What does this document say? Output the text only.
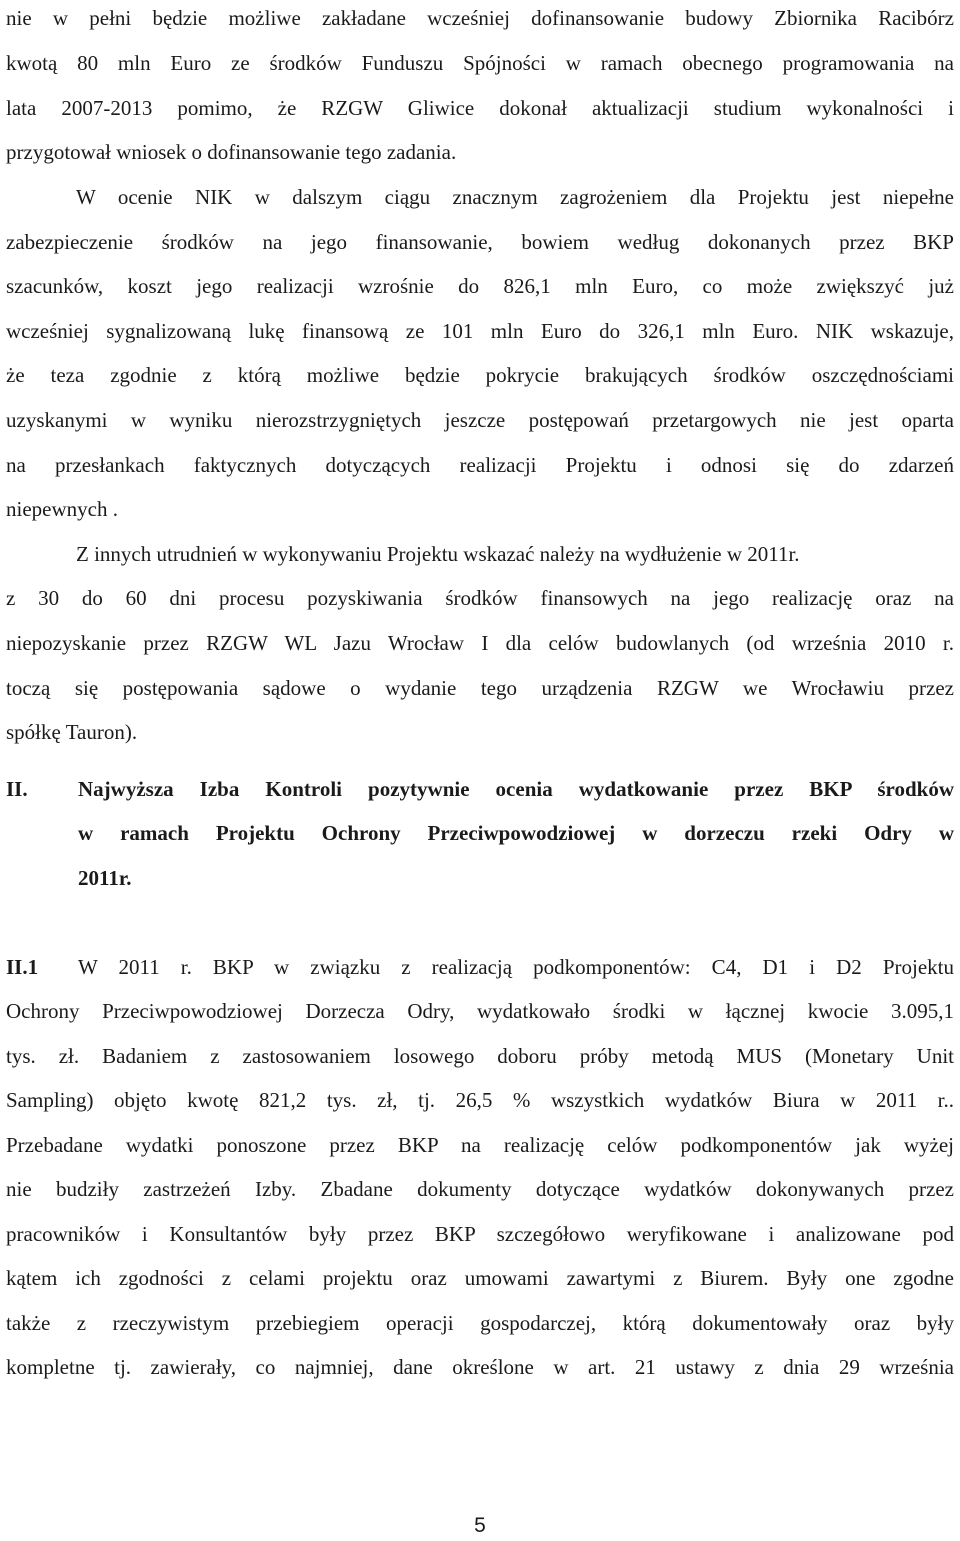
nie w pełni będzie możliwe zakładane wcześniej dofinansowanie budowy Zbiornika Racibórz
kwotą 80 mln Euro ze środków Funduszu Spójności w ramach obecnego programowania na
lata 2007-2013 pomimo, że RZGW Gliwice dokonał aktualizacji studium wykonalności i
przygotował wniosek o dofinansowanie tego zadania.
W ocenie NIK w dalszym ciągu znacznym zagrożeniem dla Projektu jest niepełne
zabezpieczenie środków na jego finansowanie, bowiem według dokonanych przez BKP
szacunków, koszt jego realizacji wzrośnie do 826,1 mln Euro, co może zwiększyć już
wcześniej sygnalizowaną lukę finansową ze 101 mln Euro do 326,1 mln Euro. NIK wskazuje,
że teza zgodnie z którą możliwe będzie pokrycie brakujących środków oszczędnościami
uzyskanymi w wyniku nierozstrzygniętych jeszcze postępowań przetargowych nie jest oparta
na przesłankach faktycznych dotyczących realizacji Projektu i odnosi się do zdarzeń
niepewnych .
Z innych utrudnień w wykonywaniu Projektu wskazać należy na wydłużenie w 2011r.
z 30 do 60 dni procesu pozyskiwania środków finansowych na jego realizację oraz na
niepozyskanie przez RZGW WL Jazu Wrocław I dla celów budowlanych (od września 2010 r.
toczą się postępowania sądowe o wydanie tego urządzenia RZGW we Wrocławiu przez
spółkę Tauron).
II. Najwyższa Izba Kontroli pozytywnie ocenia wydatkowanie przez BKP środków
w ramach Projektu Ochrony Przeciwpowodziowej w dorzeczu rzeki Odry w
2011r.
II.1 W 2011 r. BKP w związku z realizacją podkomponentów: C4, D1 i D2 Projektu
Ochrony Przeciwpowodziowej Dorzecza Odry, wydatkowało środki w łącznej kwocie 3.095,1
tys. zł. Badaniem z zastosowaniem losowego doboru próby metodą MUS (Monetary Unit
Sampling) objęto kwotę 821,2 tys. zł, tj. 26,5 % wszystkich wydatków Biura w 2011 r..
Przebadane wydatki ponoszone przez BKP na realizację celów podkomponentów jak wyżej
nie budziły zastrzeżeń Izby. Zbadane dokumenty dotyczące wydatków dokonywanych przez
pracowników i Konsultantów były przez BKP szczegółowo weryfikowane i analizowane pod
kątem ich zgodności z celami projektu oraz umowami zawartymi z Biurem. Były one zgodne
także z rzeczywistym przebiegiem operacji gospodarczej, którą dokumentowały oraz były
kompletne tj. zawierały, co najmniej, dane określone w art. 21 ustawy z dnia 29 września
5
